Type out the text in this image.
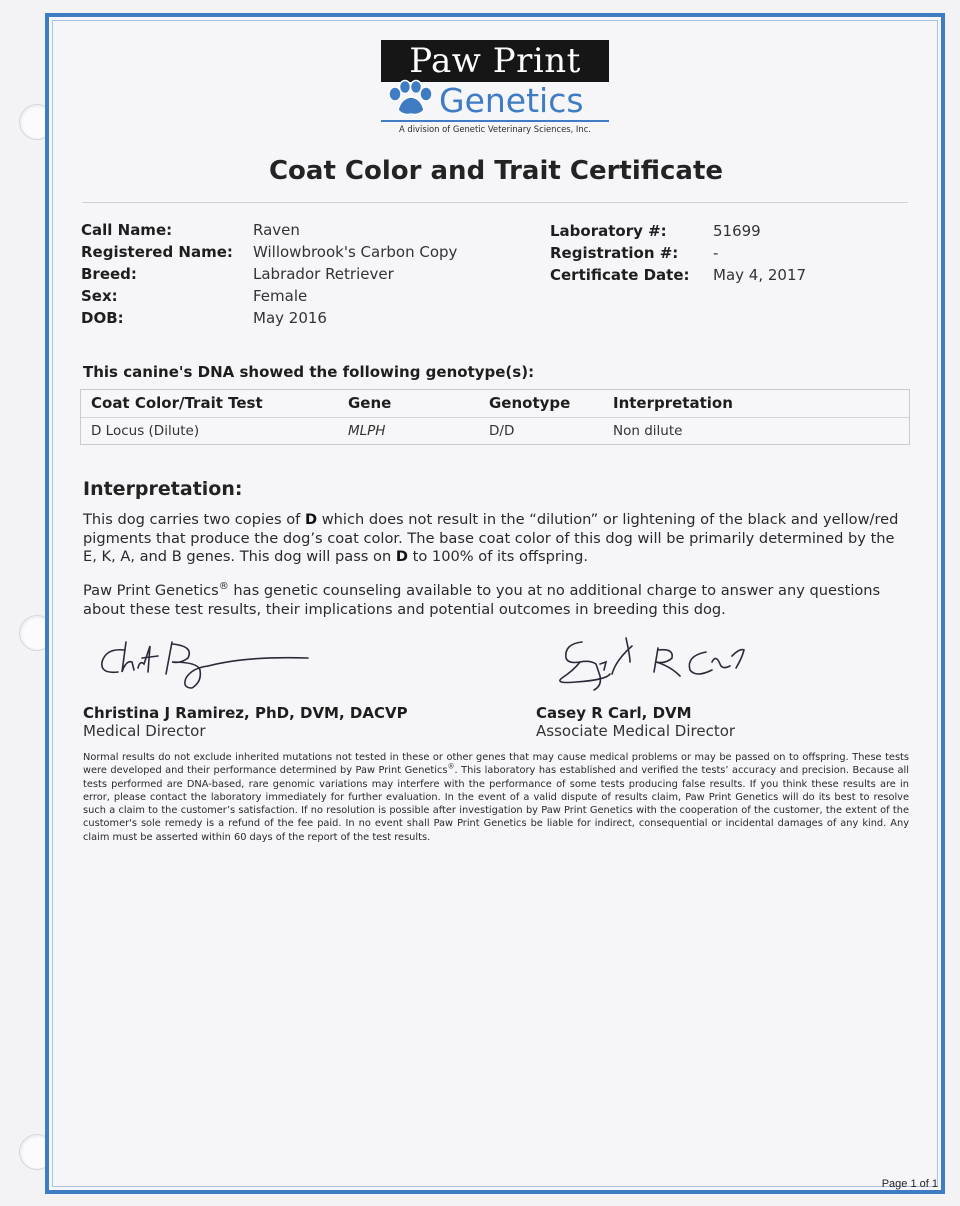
Paw Print
Genetics
A division of Genetic Veterinary Sciences, Inc.
Coat Color and Trait Certificate
Call Name:	Raven
Registered Name: Willowbrook's Carbon Copy
Breed:	Labrador Retriever
Sex:	Female
DOB:	May 2016
Laboratory #:	51699
Registration #: -
Certificate Date: May 4, 2017
This canine's DNA showed the following genotype(s):
Coat Color/Trait Test	Gene	Genotype	Interpretation
D Locus (Dilute)	MLPH	D/D	Non dilute
Interpretation:
This dog carries two copies of D which does not result in the “dilution” or lightening of the black and yellow/red pigments that produce the dog’s coat color. The base coat color of this dog will be primarily determined by the E, K, A, and B genes. This dog will pass on D to 100% of its offspring.
Paw Print Genetics® has genetic counseling available to you at no additional charge to answer any questions about these test results, their implications and potential outcomes in breeding this dog.
Christina J Ramirez, PhD, DVM, DACVP
Medical Director
Casey R Carl, DVM
Associate Medical Director
Normal results do not exclude inherited mutations not tested in these or other genes that may cause medical problems or may be passed on to offspring. These tests were developed and their performance determined by Paw Print Genetics®. This laboratory has established and verified the tests’ accuracy and precision. Because all tests performed are DNA-based, rare genomic variations may interfere with the performance of some tests producing false results. If you think these results are in error, please contact the laboratory immediately for further evaluation. In the event of a valid dispute of results claim, Paw Print Genetics will do its best to resolve such a claim to the customer’s satisfaction. If no resolution is possible after investigation by Paw Print Genetics with the cooperation of the customer, the extent of the customer's sole remedy is a refund of the fee paid. In no event shall Paw Print Genetics be liable for indirect, consequential or incidental damages of any kind. Any claim must be asserted within 60 days of the report of the test results.
Page 1 of 1
